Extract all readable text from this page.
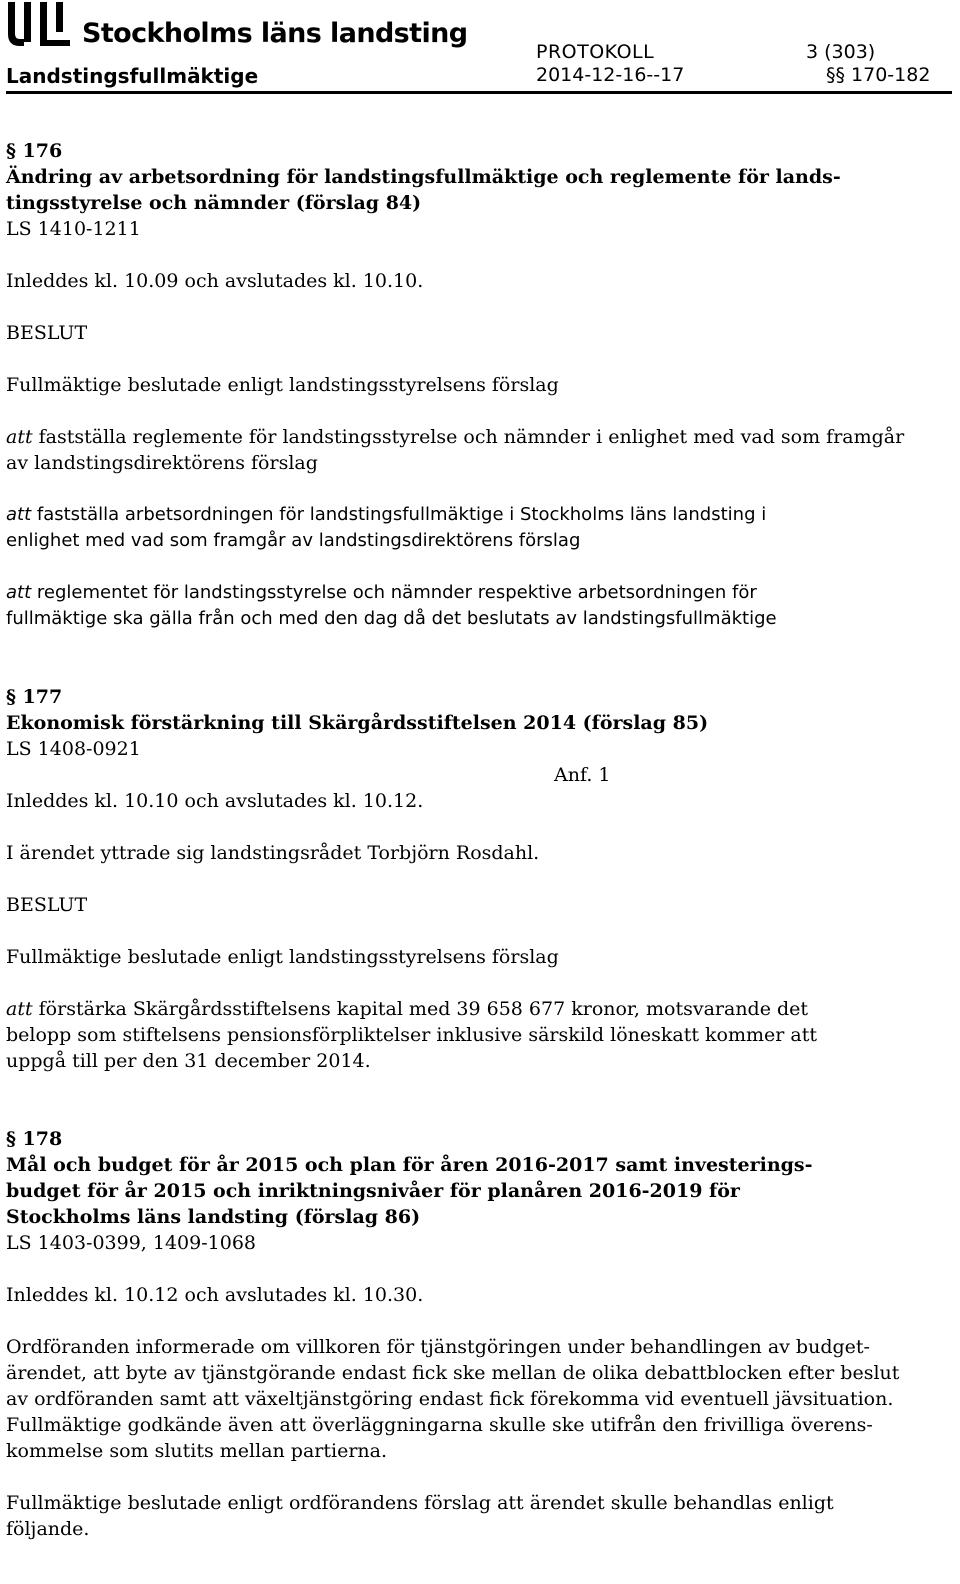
Stockholms läns landsting
Landstingsfullmäktige
PROTOKOLL
2014-12-16--17
3 (303)
§§ 170-182

§ 176

Ändring av arbetsordning för landstingsfullmäktige och reglemente för lands-

tingsstyrelse och nämnder (förslag 84)

LS 1410-1211

Inleddes kl. 10.09 och avslutades kl. 10.10.

BESLUT

Fullmäktige beslutade enligt landstingsstyrelsens förslag

att fastställa reglemente för landstingsstyrelse och nämnder i enlighet med vad som framgår

av landstingsdirektörens förslag

att fastställa arbetsordningen för landstingsfullmäktige i Stockholms läns landsting i

enlighet med vad som framgår av landstingsdirektörens förslag

att reglementet för landstingsstyrelse och nämnder respektive arbetsordningen för

fullmäktige ska gälla från och med den dag då det beslutats av landstingsfullmäktige

§ 177

Ekonomisk förstärkning till Skärgårdsstiftelsen 2014 (förslag 85)

LS 1408-0921

Anf. 1

Inleddes kl. 10.10 och avslutades kl. 10.12.

I ärendet yttrade sig landstingsrådet Torbjörn Rosdahl.

BESLUT

Fullmäktige beslutade enligt landstingsstyrelsens förslag

att förstärka Skärgårdsstiftelsens kapital med 39 658 677 kronor, motsvarande det

belopp som stiftelsens pensionsförpliktelser inklusive särskild löneskatt kommer att

uppgå till per den 31 december 2014.

§ 178

Mål och budget för år 2015 och plan för åren 2016-2017 samt investerings-

budget för år 2015 och inriktningsnivåer för planåren 2016-2019 för

Stockholms läns landsting (förslag 86)

LS 1403-0399, 1409-1068

Inleddes kl. 10.12 och avslutades kl. 10.30.

Ordföranden informerade om villkoren för tjänstgöringen under behandlingen av budget-

ärendet, att byte av tjänstgörande endast fick ske mellan de olika debattblocken efter beslut

av ordföranden samt att växeltjänstgöring endast fick förekomma vid eventuell jävsituation.

Fullmäktige godkände även att överläggningarna skulle ske utifrån den frivilliga överens-

kommelse som slutits mellan partierna.

Fullmäktige beslutade enligt ordförandens förslag att ärendet skulle behandlas enligt

följande.
